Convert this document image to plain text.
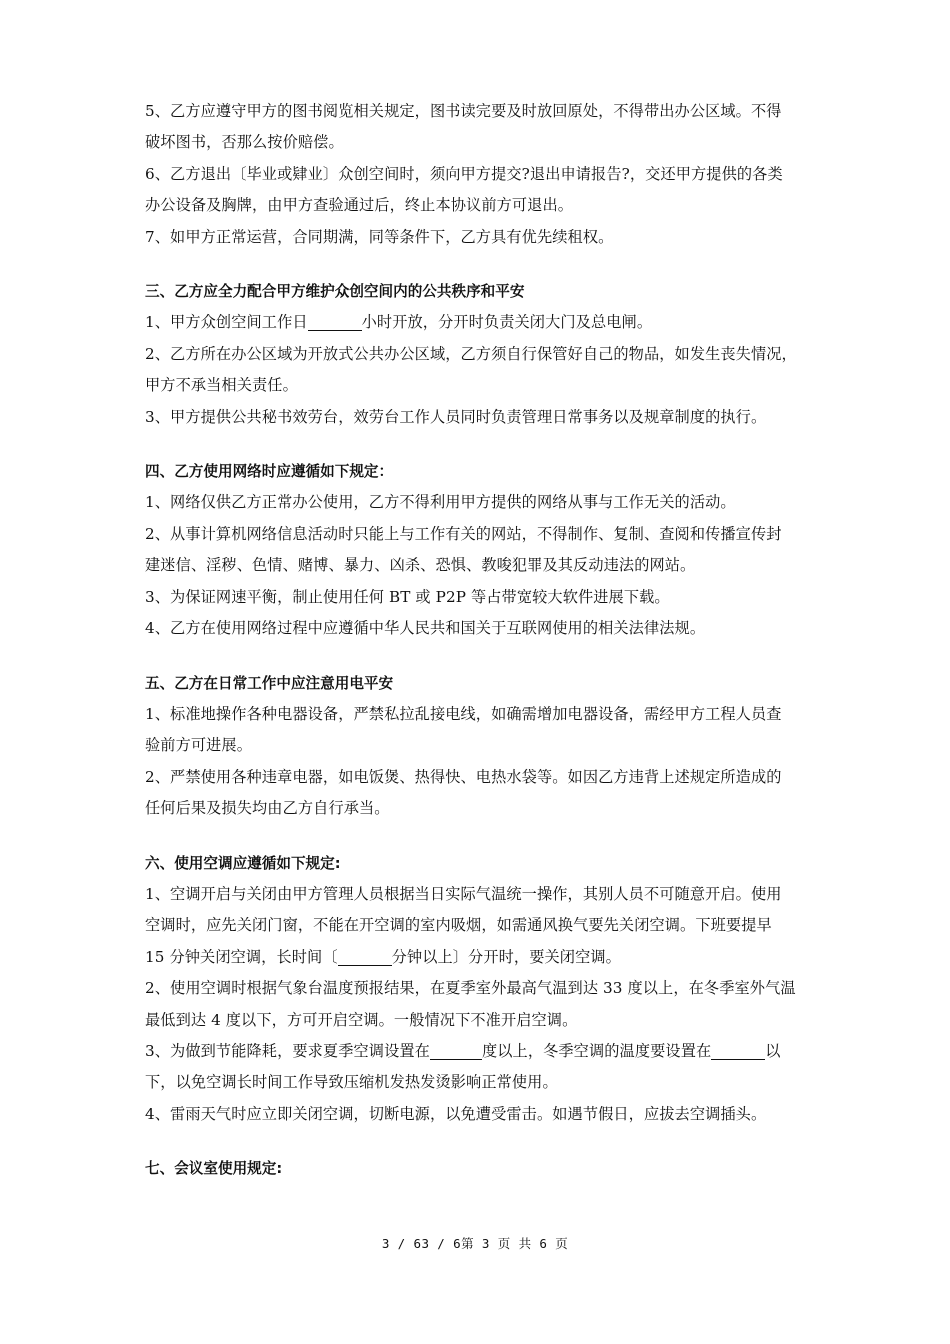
5、乙方应遵守甲方的图书阅览相关规定，图书读完要及时放回原处，不得带出办公区域。不得
破坏图书，否那么按价赔偿。
6、乙方退出〔毕业或肄业〕众创空间时，须向甲方提交?退出申请报告?，交还甲方提供的各类
办公设备及胸牌，由甲方查验通过后，终止本协议前方可退出。
7、如甲方正常运营，合同期满，同等条件下，乙方具有优先续租权。
三、乙方应全力配合甲方维护众创空间内的公共秩序和平安
1、甲方众创空间工作日	小时开放，分开时负责关闭大门及总电闸。
2、乙方所在办公区域为开放式公共办公区域，乙方须自行保管好自己的物品，如发生丧失情况，
甲方不承当相关责任。
3、甲方提供公共秘书效劳台，效劳台工作人员同时负责管理日常事务以及规章制度的执行。
四、乙方使用网络时应遵循如下规定：
1、网络仅供乙方正常办公使用，乙方不得利用甲方提供的网络从事与工作无关的活动。
2、从事计算机网络信息活动时只能上与工作有关的网站，不得制作、复制、查阅和传播宣传封
建迷信、淫秽、色情、赌博、暴力、凶杀、恐惧、教唆犯罪及其反动违法的网站。
3、为保证网速平衡，制止使用任何 BT 或 P2P 等占带宽较大软件进展下载。
4、乙方在使用网络过程中应遵循中华人民共和国关于互联网使用的相关法律法规。
五、乙方在日常工作中应注意用电平安
1、标准地操作各种电器设备，严禁私拉乱接电线，如确需增加电器设备，需经甲方工程人员查
验前方可进展。
2、严禁使用各种违章电器，如电饭煲、热得快、电热水袋等。如因乙方违背上述规定所造成的
任何后果及损失均由乙方自行承当。
六、使用空调应遵循如下规定:
1、空调开启与关闭由甲方管理人员根据当日实际气温统一操作，其别人员不可随意开启。使用
空调时，应先关闭门窗，不能在开空调的室内吸烟，如需通风换气要先关闭空调。下班要提早
15 分钟关闭空调，长时间〔	分钟以上〕分开时，要关闭空调。
2、使用空调时根据气象台温度预报结果，在夏季室外最高气温到达 33 度以上，在冬季室外气温
最低到达 4 度以下，方可开启空调。一般情况下不准开启空调。
3、为做到节能降耗，要求夏季空调设置在	度以上，冬季空调的温度要设置在	以
下，以免空调长时间工作导致压缩机发热发烫影响正常使用。
4、雷雨天气时应立即关闭空调，切断电源，以免遭受雷击。如遇节假日，应拔去空调插头。
七、会议室使用规定:
3 / 63 / 6第 3 页 共 6 页
